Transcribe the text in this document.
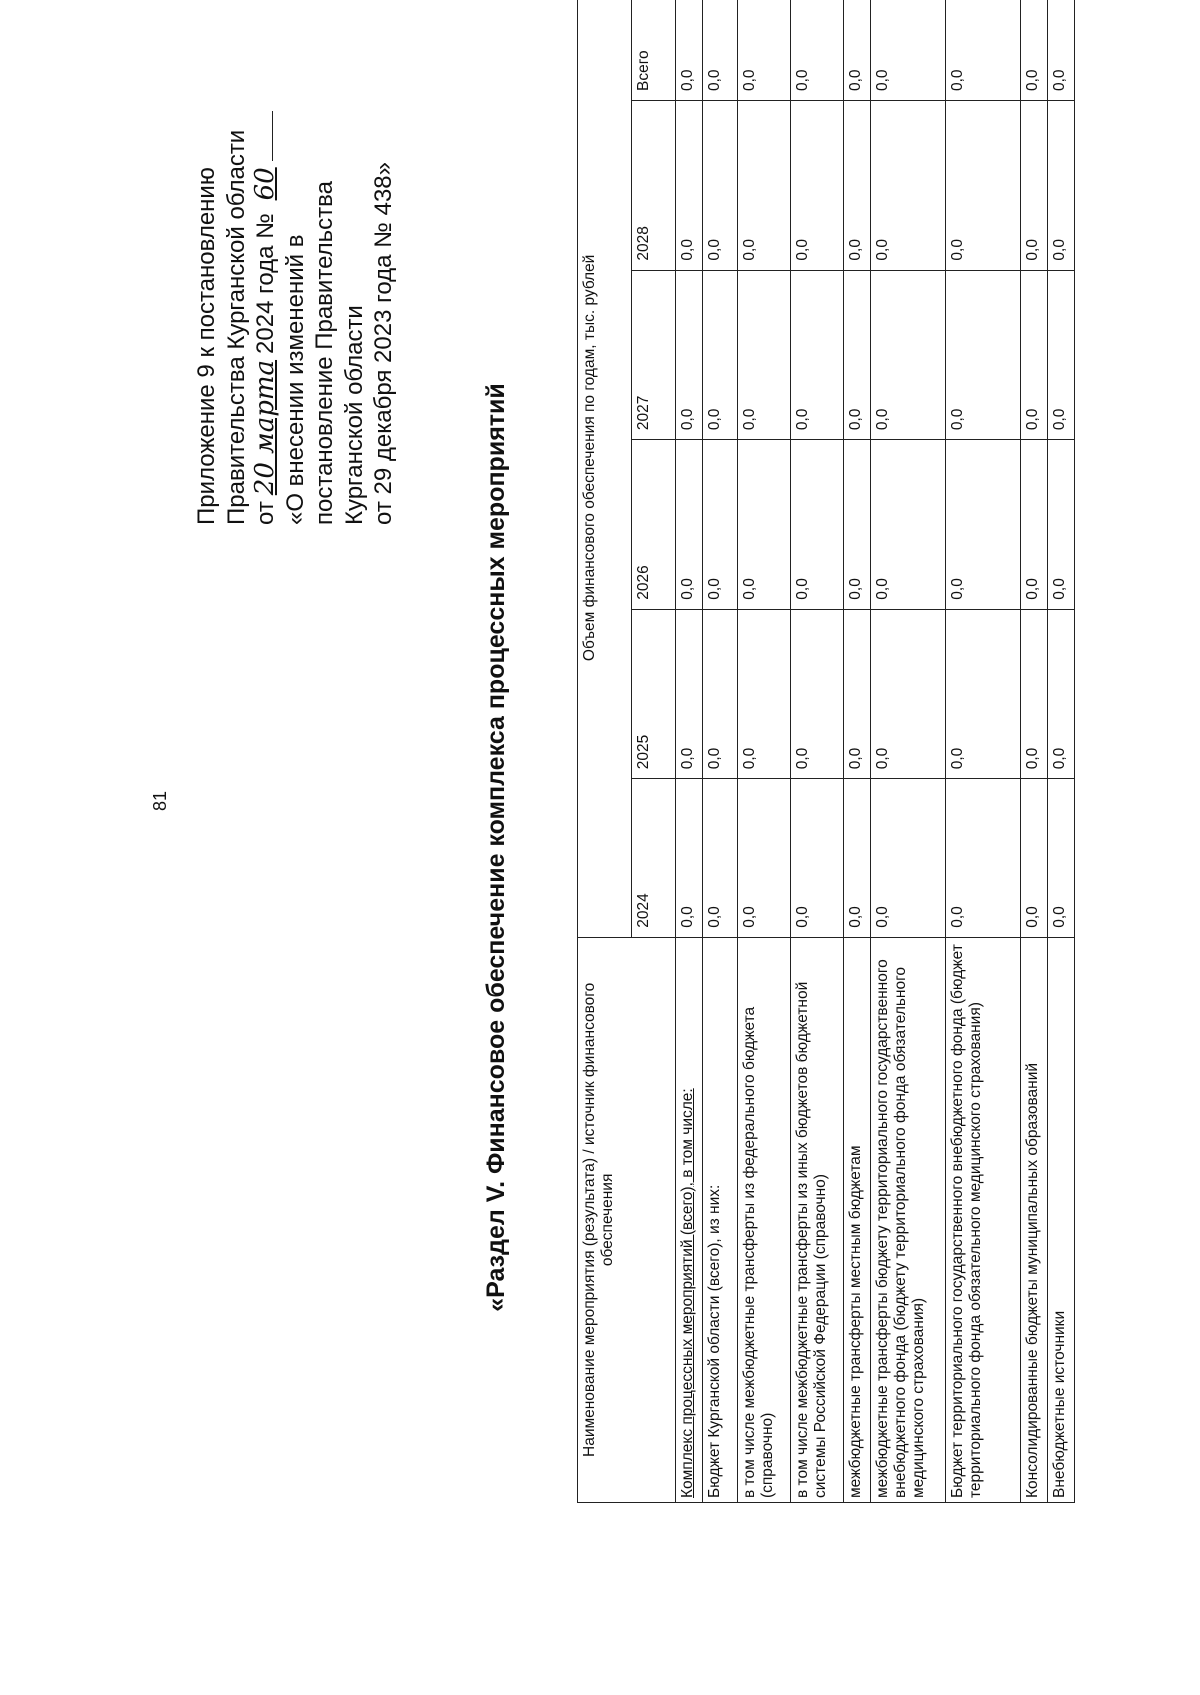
81
Приложение 9 к постановлению Правительства Курганской области от20 марта2024 года № 60
«О внесении изменений в постановление Правительства Курганской области от 29 декабря 2023 года № 438»
«Раздел V. Финансовое обеспечение комплекса процессных мероприятий	Наименование мероприятия (результата) / источник финансового обеспечения	Объем финансового обеспечения по годам, тыс. рублей					
	2024	2025	2026	2027	2028	Всего
Комплекс процессных мероприятий (всего), в том числе:	0,0	0,0	0,0	0,0	0,0	0,0
Бюджет Курганской области (всего), из них:	0,0	0,0	0,0	0,0	0,0	0,0
в том числе межбюджетные трансферты из федерального бюджета (справочно)	0,0	0,0	0,0	0,0	0,0	0,0
в том числе межбюджетные трансферты из иных бюджетов бюджетной системы Российской Федерации (справочно)	0,0	0,0	0,0	0,0	0,0	0,0
межбюджетные трансферты местным бюджетам	0,0	0,0	0,0	0,0	0,0	0,0
межбюджетные трансферты бюджету территориального государственного внебюджетного фонда (бюджету территориального фонда обязательного медицинского страхования)	0,0	0,0	0,0	0,0	0,0	0,0
Бюджет территориального государственного внебюджетного фонда (бюджет территориального фонда обязательного медицинского страхования)	0,0	0,0	0,0	0,0	0,0	0,0
Консолидированные бюджеты муниципальных образований	0,0	0,0	0,0	0,0	0,0	0,0
Внебюджетные источники	0,0	0,0	0,0	0,0	0,0	0,0
